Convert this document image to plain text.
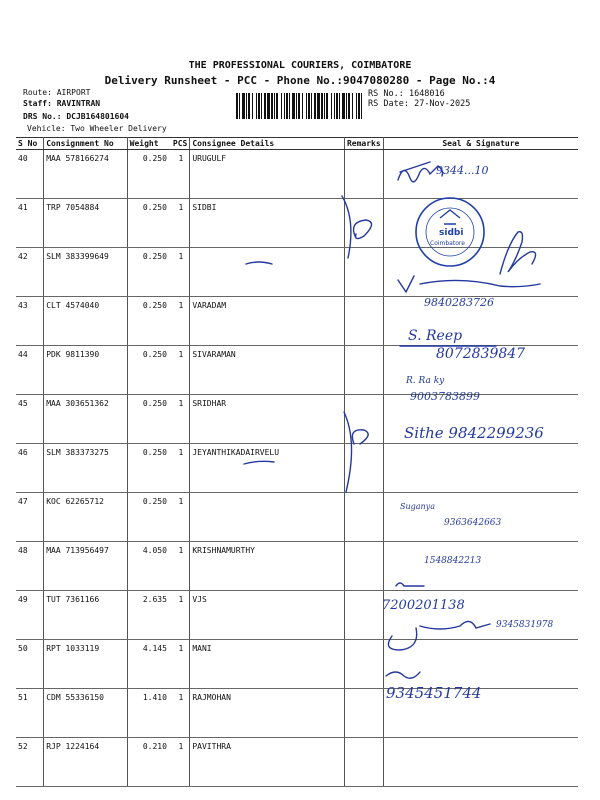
THE PROFESSIONAL COURIERS, COIMBATORE
Delivery Runsheet - PCC - Phone No.:9047080280 - Page No.:4
Route: AIRPORT
Staff: RAVINTRAN
DRS No.: DCJB164801604
Vehicle: Two Wheeler Delivery
RS No.: 1648016
RS Date: 27-Nov-2025
S No	Consignment No	Weight	PCS	Consignee Details	Remarks	Seal & Signature
40	MAA 578166274	0.250	1	URUGULF		
41	TRP 7054884	0.250	1	SIDBI		
42	SLM 383399649	0.250	1			
43	CLT 4574040	0.250	1	VARADAM		
44	PDK 9811390	0.250	1	SIVARAMAN		
45	MAA 303651362	0.250	1	SRIDHAR		
46	SLM 383373275	0.250	1	JEYANTHIKADAIRVELU		
47	KOC 62265712	0.250	1			
48	MAA 713956497	4.050	1	KRISHNAMURTHY		
49	TUT 7361166	2.635	1	VJS		
50	RPT 1033119	4.145	1	MANI		
51	CDM 55336150	1.410	1	RAJMOHAN		
52	RJP 1224164	0.210	1	PAVITHRA		
sidbi
Coimbatore
9344...10
9840283726
S. Reep
8072839847
R. Ra ky
9003783899
Sithe 9842299236
Suganya
9363642663
1548842213
7200201138
9345831978
9345451744
